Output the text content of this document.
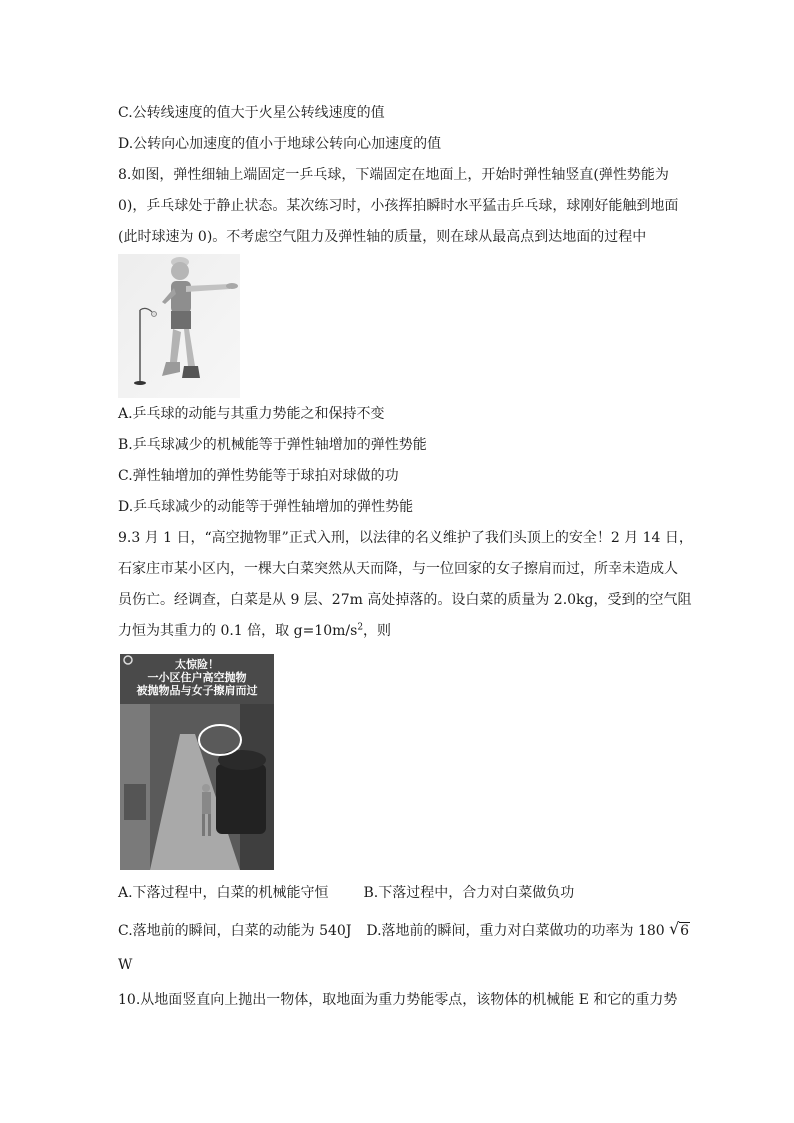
C.公转线速度的值大于火星公转线速度的值
D.公转向心加速度的值小于地球公转向心加速度的值
8.如图，弹性细轴上端固定一乒乓球，下端固定在地面上，开始时弹性轴竖直(弹性势能为
0)，乒乓球处于静止状态。某次练习时，小孩挥拍瞬时水平猛击乒乓球，球刚好能触到地面
(此时球速为 0)。不考虑空气阻力及弹性轴的质量，则在球从最高点到达地面的过程中
A.乒乓球的动能与其重力势能之和保持不变
B.乒乓球减少的机械能等于弹性轴增加的弹性势能
C.弹性轴增加的弹性势能等于球拍对球做的功
D.乒乓球减少的动能等于弹性轴增加的弹性势能
9.3 月 1 日，“高空抛物罪”正式入刑，以法律的名义维护了我们头顶上的安全！2 月 14 日，
石家庄市某小区内，一棵大白菜突然从天而降，与一位回家的女子擦肩而过，所幸未造成人
员伤亡。经调查，白菜是从 9 层、27m 高处掉落的。设白菜的质量为 2.0kg，受到的空气阻
力恒为其重力的 0.1 倍，取 $g=10m/s^2$，则
太惊险！
一小区住户高空抛物
被抛物品与女子擦肩而过
A.下落过程中，白菜的机械能守恒 B.下落过程中，合力对白菜做负功
C.落地前的瞬间，白菜的动能为 540J D.落地前的瞬间，重力对白菜做功的功率为 180 √ 6
W
10.从地面竖直向上抛出一物体，取地面为重力势能零点，该物体的机械能 E 和它的重力势
